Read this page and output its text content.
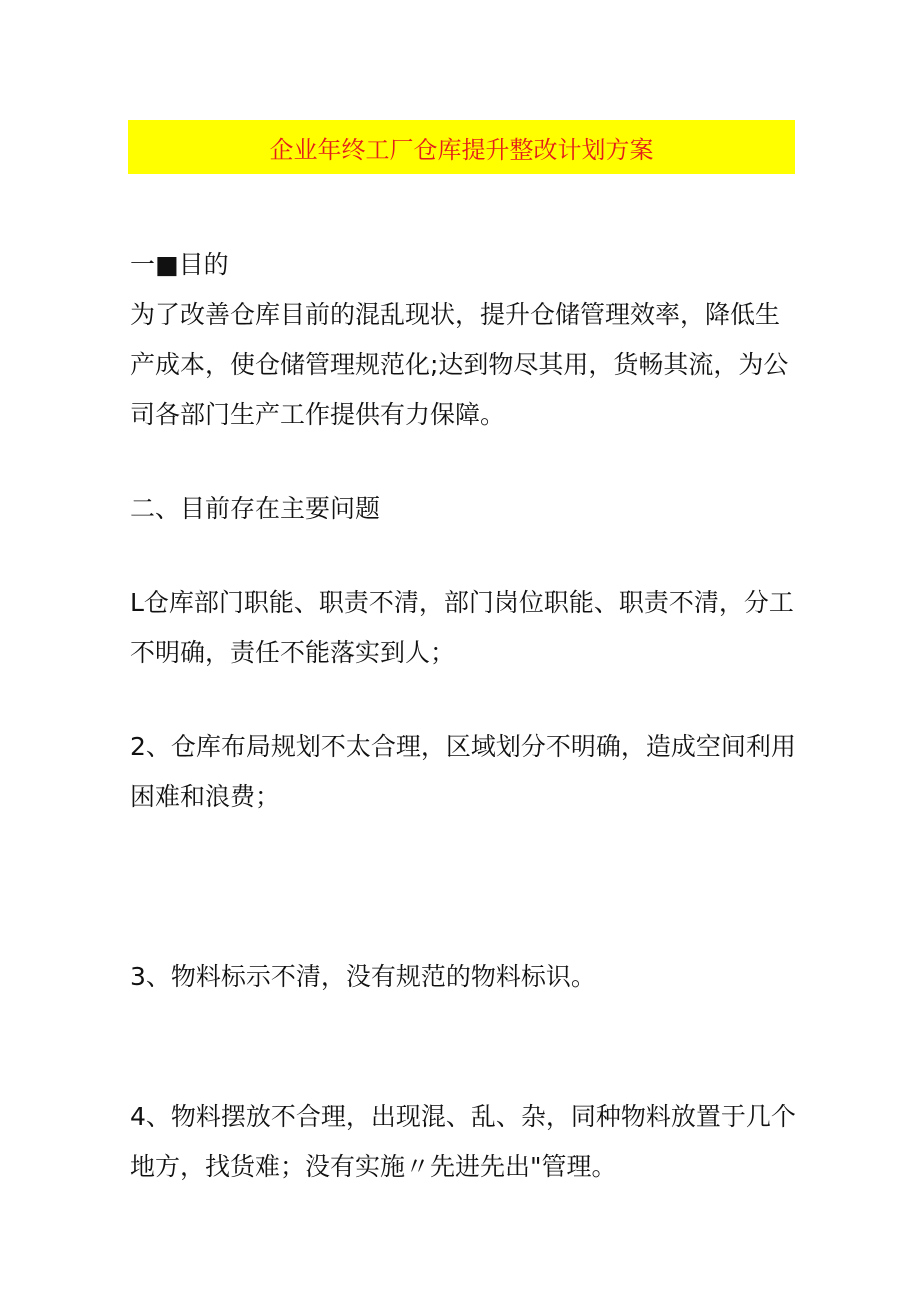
企业年终工厂仓库提升整改计划方案
一■目的
为了改善仓库目前的混乱现状，提升仓储管理效率，降低生
产成本，使仓储管理规范化;达到物尽其用，货畅其流，为公
司各部门生产工作提供有力保障。
二、目前存在主要问题
L仓库部门职能、职责不清，部门岗位职能、职责不清，分工
不明确，责任不能落实到人；
2、仓库布局规划不太合理，区域划分不明确，造成空间利用
困难和浪费；
3、物料标示不清，没有规范的物料标识。
4、物料摆放不合理，出现混、乱、杂，同种物料放置于几个
地方，找货难；没有实施〃先进先出"管理。
